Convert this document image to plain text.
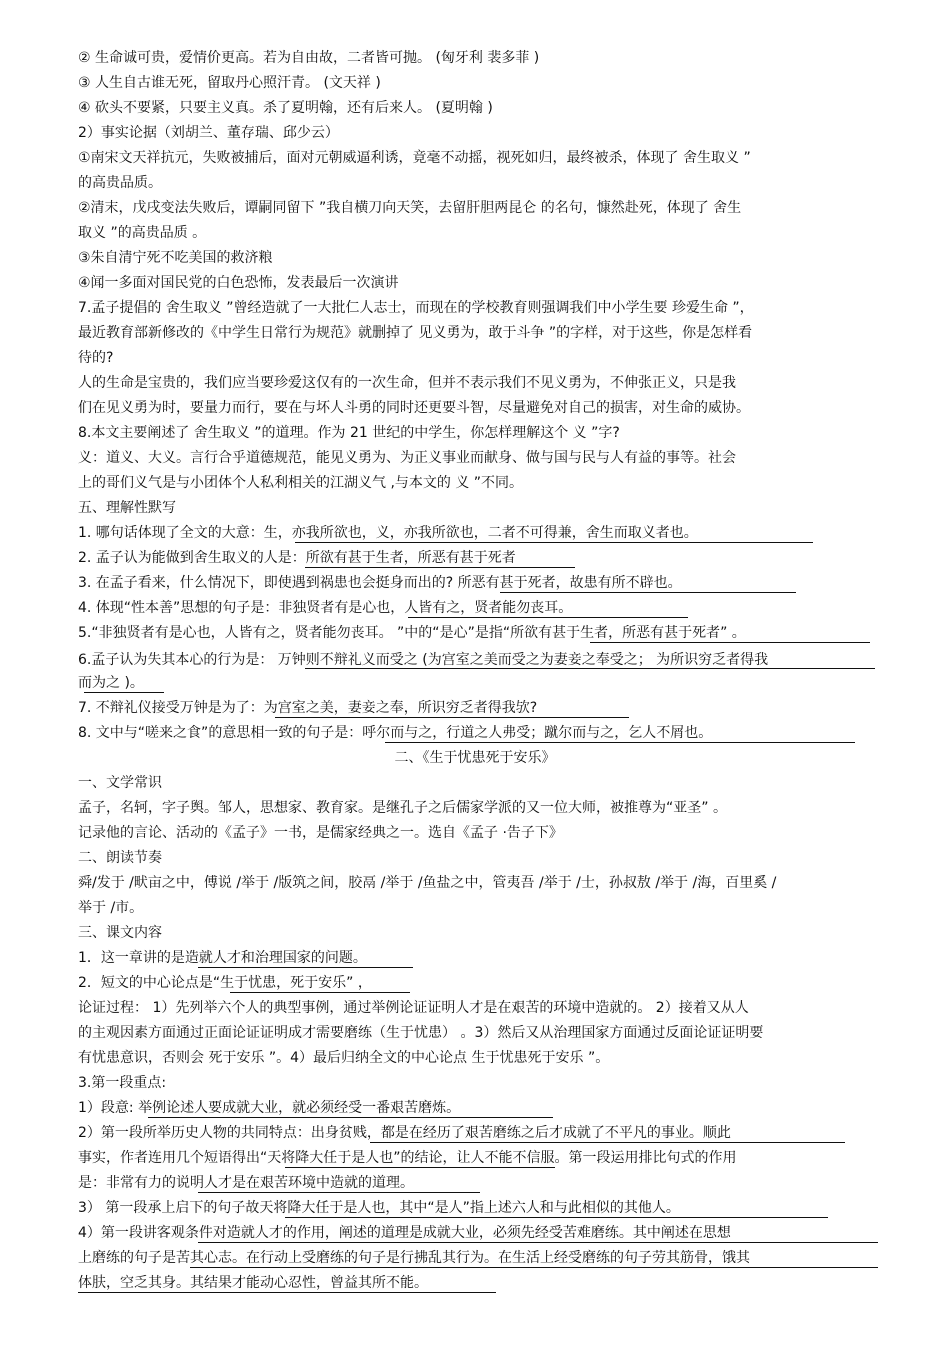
② 生命诚可贵，爱情价更高。若为自由故，二者皆可抛。 (匈牙利 裴多菲 )
③ 人生自古谁无死，留取丹心照汗青。 (文天祥 )
④ 砍头不要紧，只要主义真。杀了夏明翰，还有后来人。 (夏明翰 )
2）事实论据（刘胡兰、董存瑞、邱少云）
①南宋文天祥抗元，失败被捕后，面对元朝威逼利诱，竟毫不动摇，视死如归，最终被杀，体现了 舍生取义 ”
的高贵品质。
②清末，戊戌变法失败后，谭嗣同留下 ”我自横刀向天笑，去留肝胆两昆仑 的名句，慷然赴死，体现了 舍生
取义 ”的高贵品质 。
③朱自清宁死不吃美国的救济粮
④闻一多面对国民党的白色恐怖，发表最后一次演讲
7.孟子提倡的 舍生取义 ”曾经造就了一大批仁人志士，而现在的学校教育则强调我们中小学生要 珍爱生命 ”，
最近教育部新修改的《中学生日常行为规范》就删掉了 见义勇为，敢于斗争 ”的字样，对于这些，你是怎样看
待的?
人的生命是宝贵的，我们应当要珍爱这仅有的一次生命，但并不表示我们不见义勇为，不伸张正义，只是我
们在见义勇为时，要量力而行，要在与坏人斗勇的同时还更要斗智，尽量避免对自己的损害，对生命的威协。
8.本文主要阐述了 舍生取义 ”的道理。作为 21 世纪的中学生，你怎样理解这个 义 ”字?
义：道义、大义。言行合乎道德规范，能见义勇为、为正义事业而献身、做与国与民与人有益的事等。社会
上的哥们义气是与小团体个人私利相关的江湖义气 ,与本文的 义 ”不同。
五、理解性默写
1. 哪句话体现了全文的大意：生，亦我所欲也，义，亦我所欲也，二者不可得兼，舍生而取义者也。
2. 孟子认为能做到舍生取义的人是：所欲有甚于生者，所恶有甚于死者
3. 在孟子看来，什么情况下，即使遇到祸患也会挺身而出的? 所恶有甚于死者，故患有所不辟也。
4. 体现“性本善”思想的句子是：非独贤者有是心也，人皆有之，贤者能勿丧耳。
5.“非独贤者有是心也，人皆有之，贤者能勿丧耳。 ”中的“是心”是指“所欲有甚于生者，所恶有甚于死者” 。
6.孟子认为失其本心的行为是： 万钟则不辩礼义而受之 (为宫室之美而受之为妻妾之奉受之； 为所识穷乏者得我
而为之 )。
7. 不辩礼仪接受万钟是为了：为宫室之美，妻妾之奉，所识穷乏者得我欤?
8. 文中与“嗟来之食”的意思相一致的句子是：呼尔而与之，行道之人弗受；蹴尔而与之，乞人不屑也。
二、《生于忧患死于安乐》
一、文学常识
孟子，名轲，字子舆。邹人，思想家、教育家。是继孔子之后儒家学派的又一位大师，被推尊为“亚圣” 。
记录他的言论、活动的《孟子》一书，是儒家经典之一。选自《孟子 ·告子下》
二、朗读节奏
舜/发于 /畎亩之中，傅说 /举于 /版筑之间，胶鬲 /举于 /鱼盐之中，管夷吾 /举于 /士，孙叔敖 /举于 /海，百里奚 /
举于 /市。
三、课文内容
1．这一章讲的是造就人才和治理国家的问题。
2．短文的中心论点是“生于忧患，死于安乐” ，
论证过程： 1）先列举六个人的典型事例，通过举例论证证明人才是在艰苦的环境中造就的。 2）接着又从人
的主观因素方面通过正面论证证明成才需要磨练（生于忧患） 。3）然后又从治理国家方面通过反面论证证明要
有忧患意识，否则会 死于安乐 ”。4）最后归纳全文的中心论点 生于忧患死于安乐 ”。
3.第一段重点:
1）段意: 举例论述人要成就大业，就必须经受一番艰苦磨炼。
2）第一段所举历史人物的共同特点：出身贫贱，都是在经历了艰苦磨练之后才成就了不平凡的事业。顺此
事实，作者连用几个短语得出“天将降大任于是人也”的结论，让人不能不信服。第一段运用排比句式的作用
是：非常有力的说明人才是在艰苦环境中造就的道理。
3） 第一段承上启下的句子故天将降大任于是人也，其中“是人”指上述六人和与此相似的其他人。
4）第一段讲客观条件对造就人才的作用，阐述的道理是成就大业，必须先经受苦难磨练。其中阐述在思想
上磨练的句子是苦其心志。在行动上受磨练的句子是行拂乱其行为。在生活上经受磨练的句子劳其筋骨，饿其
体肤，空乏其身。其结果才能动心忍性，曾益其所不能。
